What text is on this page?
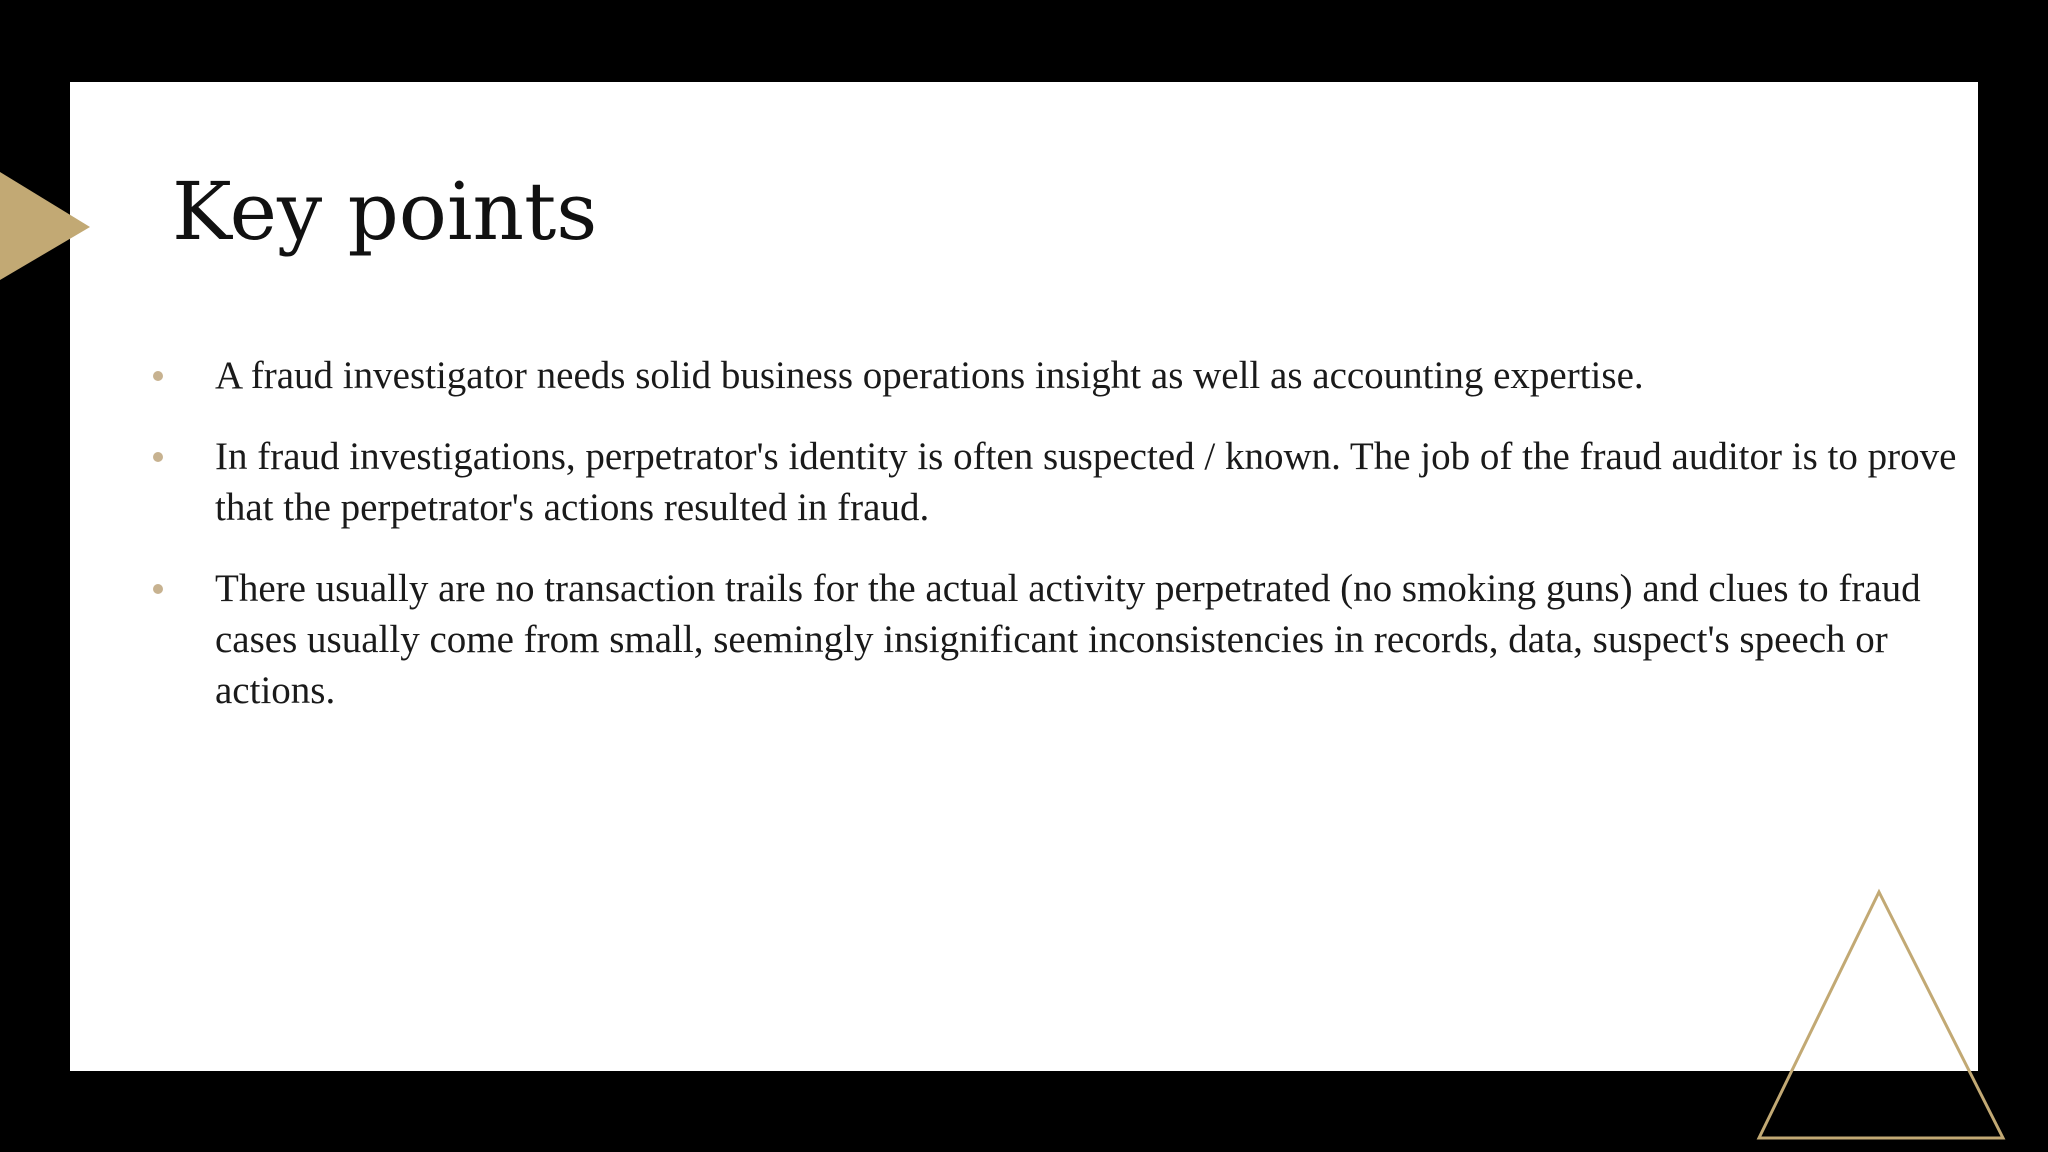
Key points
A fraud investigator needs solid business operations insight as well as accounting expertise.
In fraud investigations, perpetrator's identity is often suspected / known. The job of the fraud auditor is to prove that the perpetrator's actions resulted in fraud.
There usually are no transaction trails for the actual activity perpetrated (no smoking guns) and clues to fraud cases usually come from small, seemingly insignificant inconsistencies in records, data, suspect's speech or actions.
